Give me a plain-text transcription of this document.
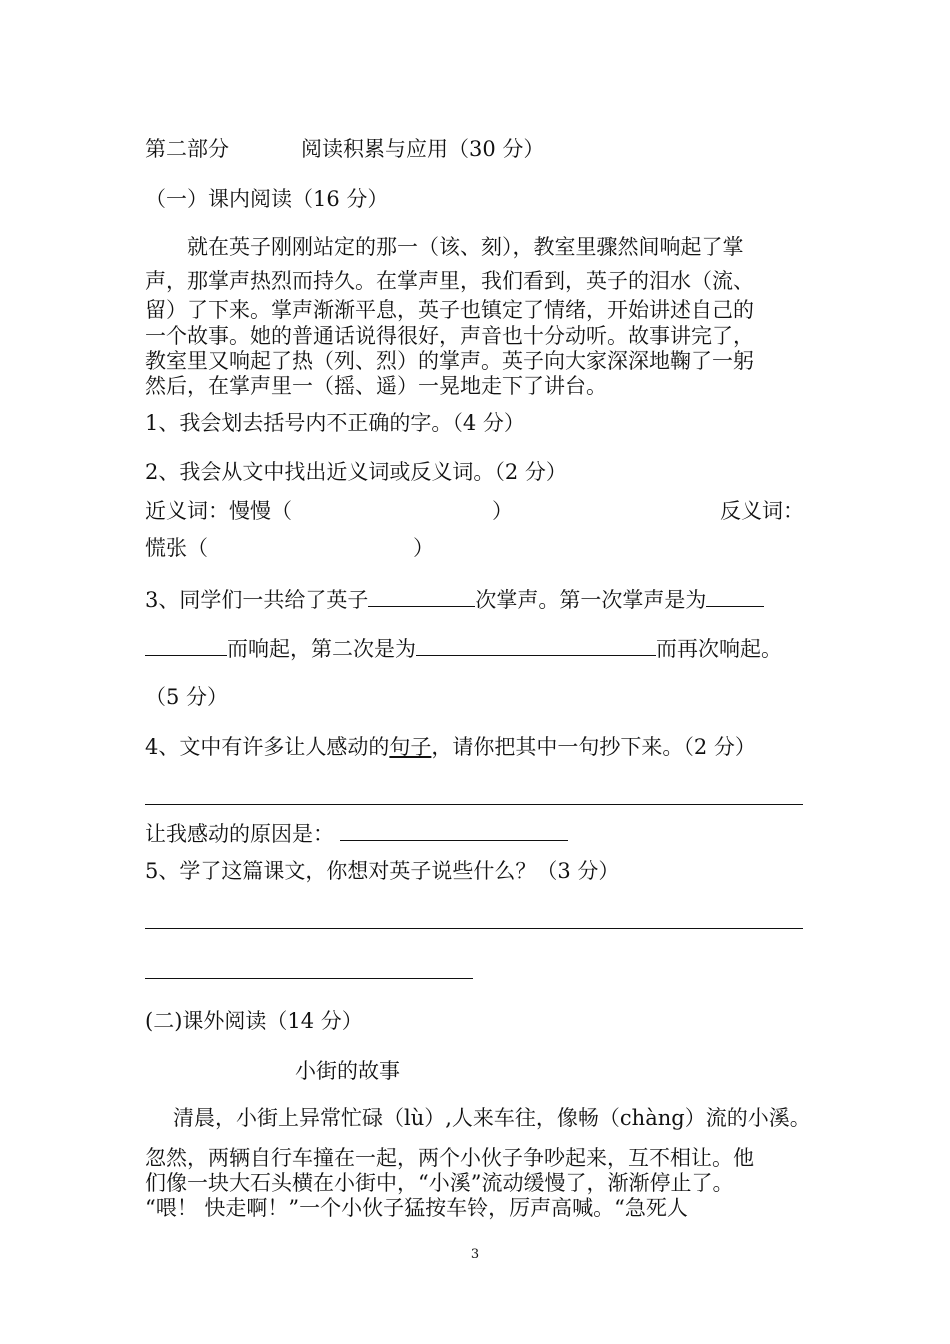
第二部分	阅读积累与应用（30 分）
（一）课内阅读（16 分）
就在英子刚刚站定的那一（该、刻），教室里骤然间响起了掌
声，那掌声热烈而持久。在掌声里，我们看到，英子的泪水（流、
留）了下来。掌声渐渐平息，英子也镇定了情绪，开始讲述自己的
一个故事。她的普通话说得很好，声音也十分动听。故事讲完了，
教室里又响起了热（列、烈）的掌声。英子向大家深深地鞠了一躬
然后，在掌声里一（摇、遥）一晃地走下了讲台。
1、我会划去括号内不正确的字。（4 分）
2、我会从文中找出近义词或反义词。（2 分）
近义词：慢慢（	）	反义词：
慌张（	）
3、同学们一共给了英子	次掌声。第一次掌声是为
而响起，第二次是为	而再次响起。
（5 分）
4、文中有许多让人感动的句子，请你把其中一句抄下来。（2 分）
让我感动的原因是：
5、学了这篇课文，你想对英子说些什么？（3 分）
(二)课外阅读（14 分）
小街的故事
清晨，小街上异常忙碌（lù）,人来车往，像畅（chàng）流的小溪。
忽然，两辆自行车撞在一起，两个小伙子争吵起来，互不相让。他
们像一块大石头横在小街中，“小溪”流动缓慢了，渐渐停止了。
“喂！ 快走啊！”一个小伙子猛按车铃，厉声高喊。“急死人
3
